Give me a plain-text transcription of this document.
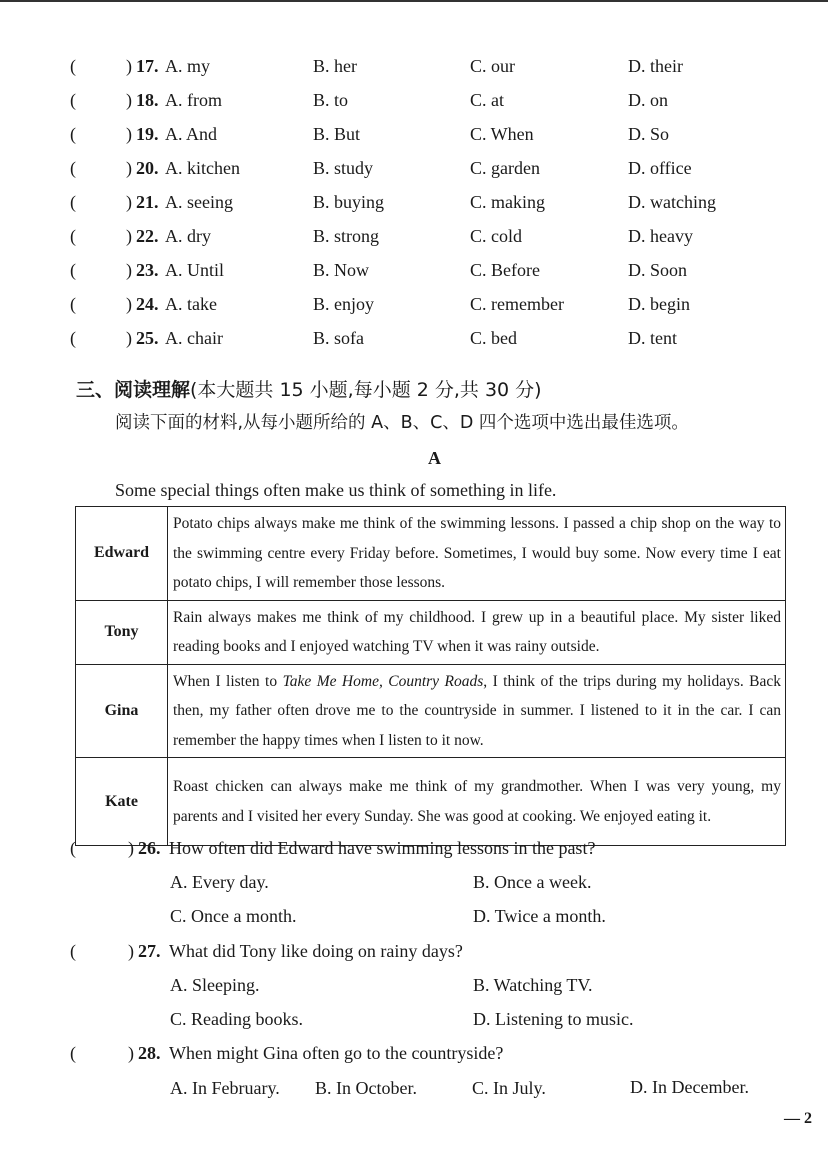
(	) 17. A. my	B. her	C. our	D. their
(	) 18. A. from	B. to	C. at	D. on
(	) 19. A. And	B. But	C. When	D. So
(	) 20. A. kitchen	B. study	C. garden	D. office
(	) 21. A. seeing	B. buying	C. making	D. watching
(	) 22. A. dry	B. strong	C. cold	D. heavy
(	) 23. A. Until	B. Now	C. Before	D. Soon
(	) 24. A. take	B. enjoy	C. remember	D. begin
(	) 25. A. chair	B. sofa	C. bed	D. tent
三、阅读理解(本大题共 15 小题,每小题 2 分,共 30 分)
阅读下面的材料,从每小题所给的 A、B、C、D 四个选项中选出最佳选项。
A
Some special things often make us think of something in life.
Edward	Potato chips always make me think of the swimming lessons. I passed a chip shop on the way to the swimming centre every Friday before. Sometimes, I would buy some. Now every time I eat potato chips, I will remember those lessons.
Tony	Rain always makes me think of my childhood. I grew up in a beautiful place. My sister liked reading books and I enjoyed watching TV when it was rainy outside.
Gina	When I listen to Take Me Home, Country Roads, I think of the trips during my holidays. Back then, my father often drove me to the countryside in summer. I listened to it in the car. I can remember the happy times when I listen to it now.
Kate	Roast chicken can always make me think of my grandmother. When I was very young, my parents and I visited her every Sunday. She was good at cooking. We enjoyed eating it.
(	) 26. How often did Edward have swimming lessons in the past?
A. Every day.	B. Once a week.
C. Once a month.	D. Twice a month.
(	) 27. What did Tony like doing on rainy days?
A. Sleeping.	B. Watching TV.
C. Reading books.	D. Listening to music.
(	) 28. When might Gina often go to the countryside?
A. In February. B. In October.	C. In July.	D. In December.
— 2
